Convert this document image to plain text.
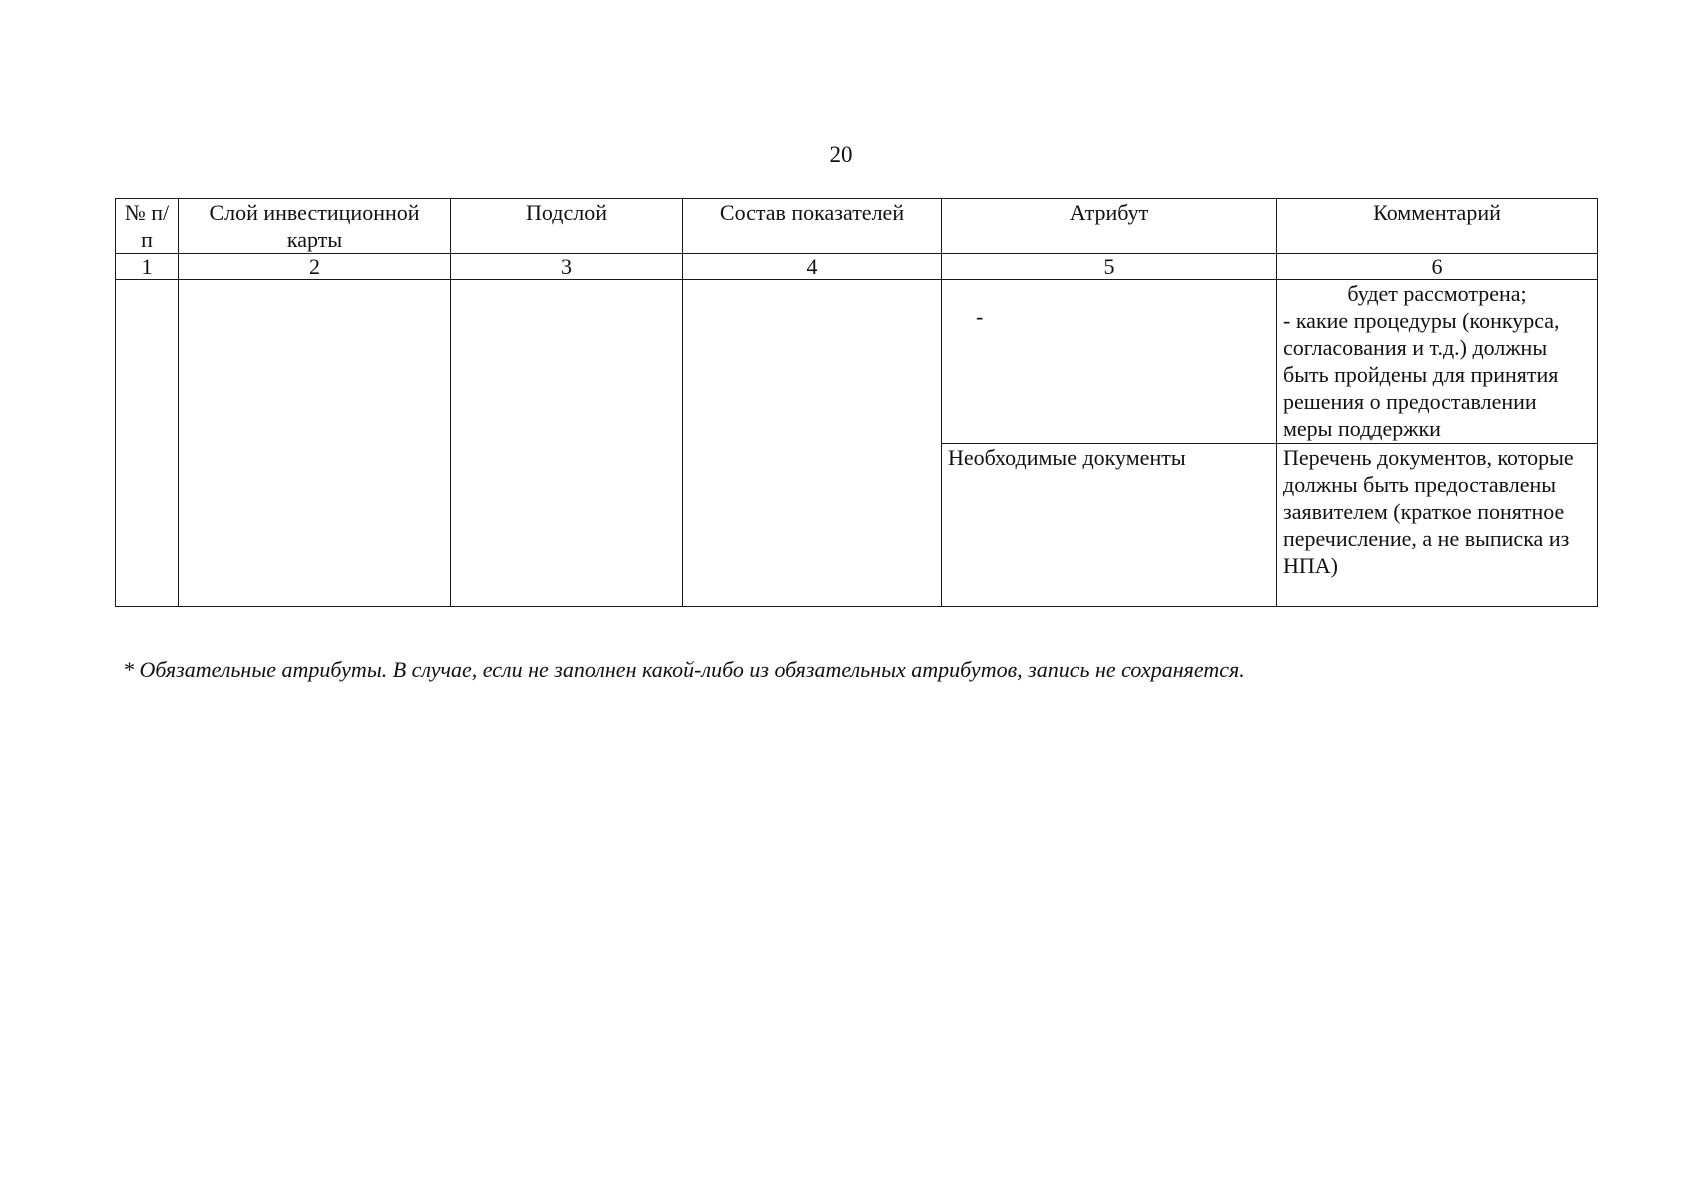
20
№ п/п	Слой инвестиционной карты	Подслой	Состав показателей	Атрибут	Комментарий
1	2	3	4	5	6

				-	будет рассмотрена;
- какие процедуры (конкурса, согласования и т.д.) должны быть пройдены для принятия решения о предоставлении меры поддержки
				Необходимые документы	Перечень документов, которые должны быть предоставлены заявителем (краткое понятное перечисление, а не выписка из НПА)
* Обязательные атрибуты. В случае, если не заполнен какой-либо из обязательных атрибутов, запись не сохраняется.
